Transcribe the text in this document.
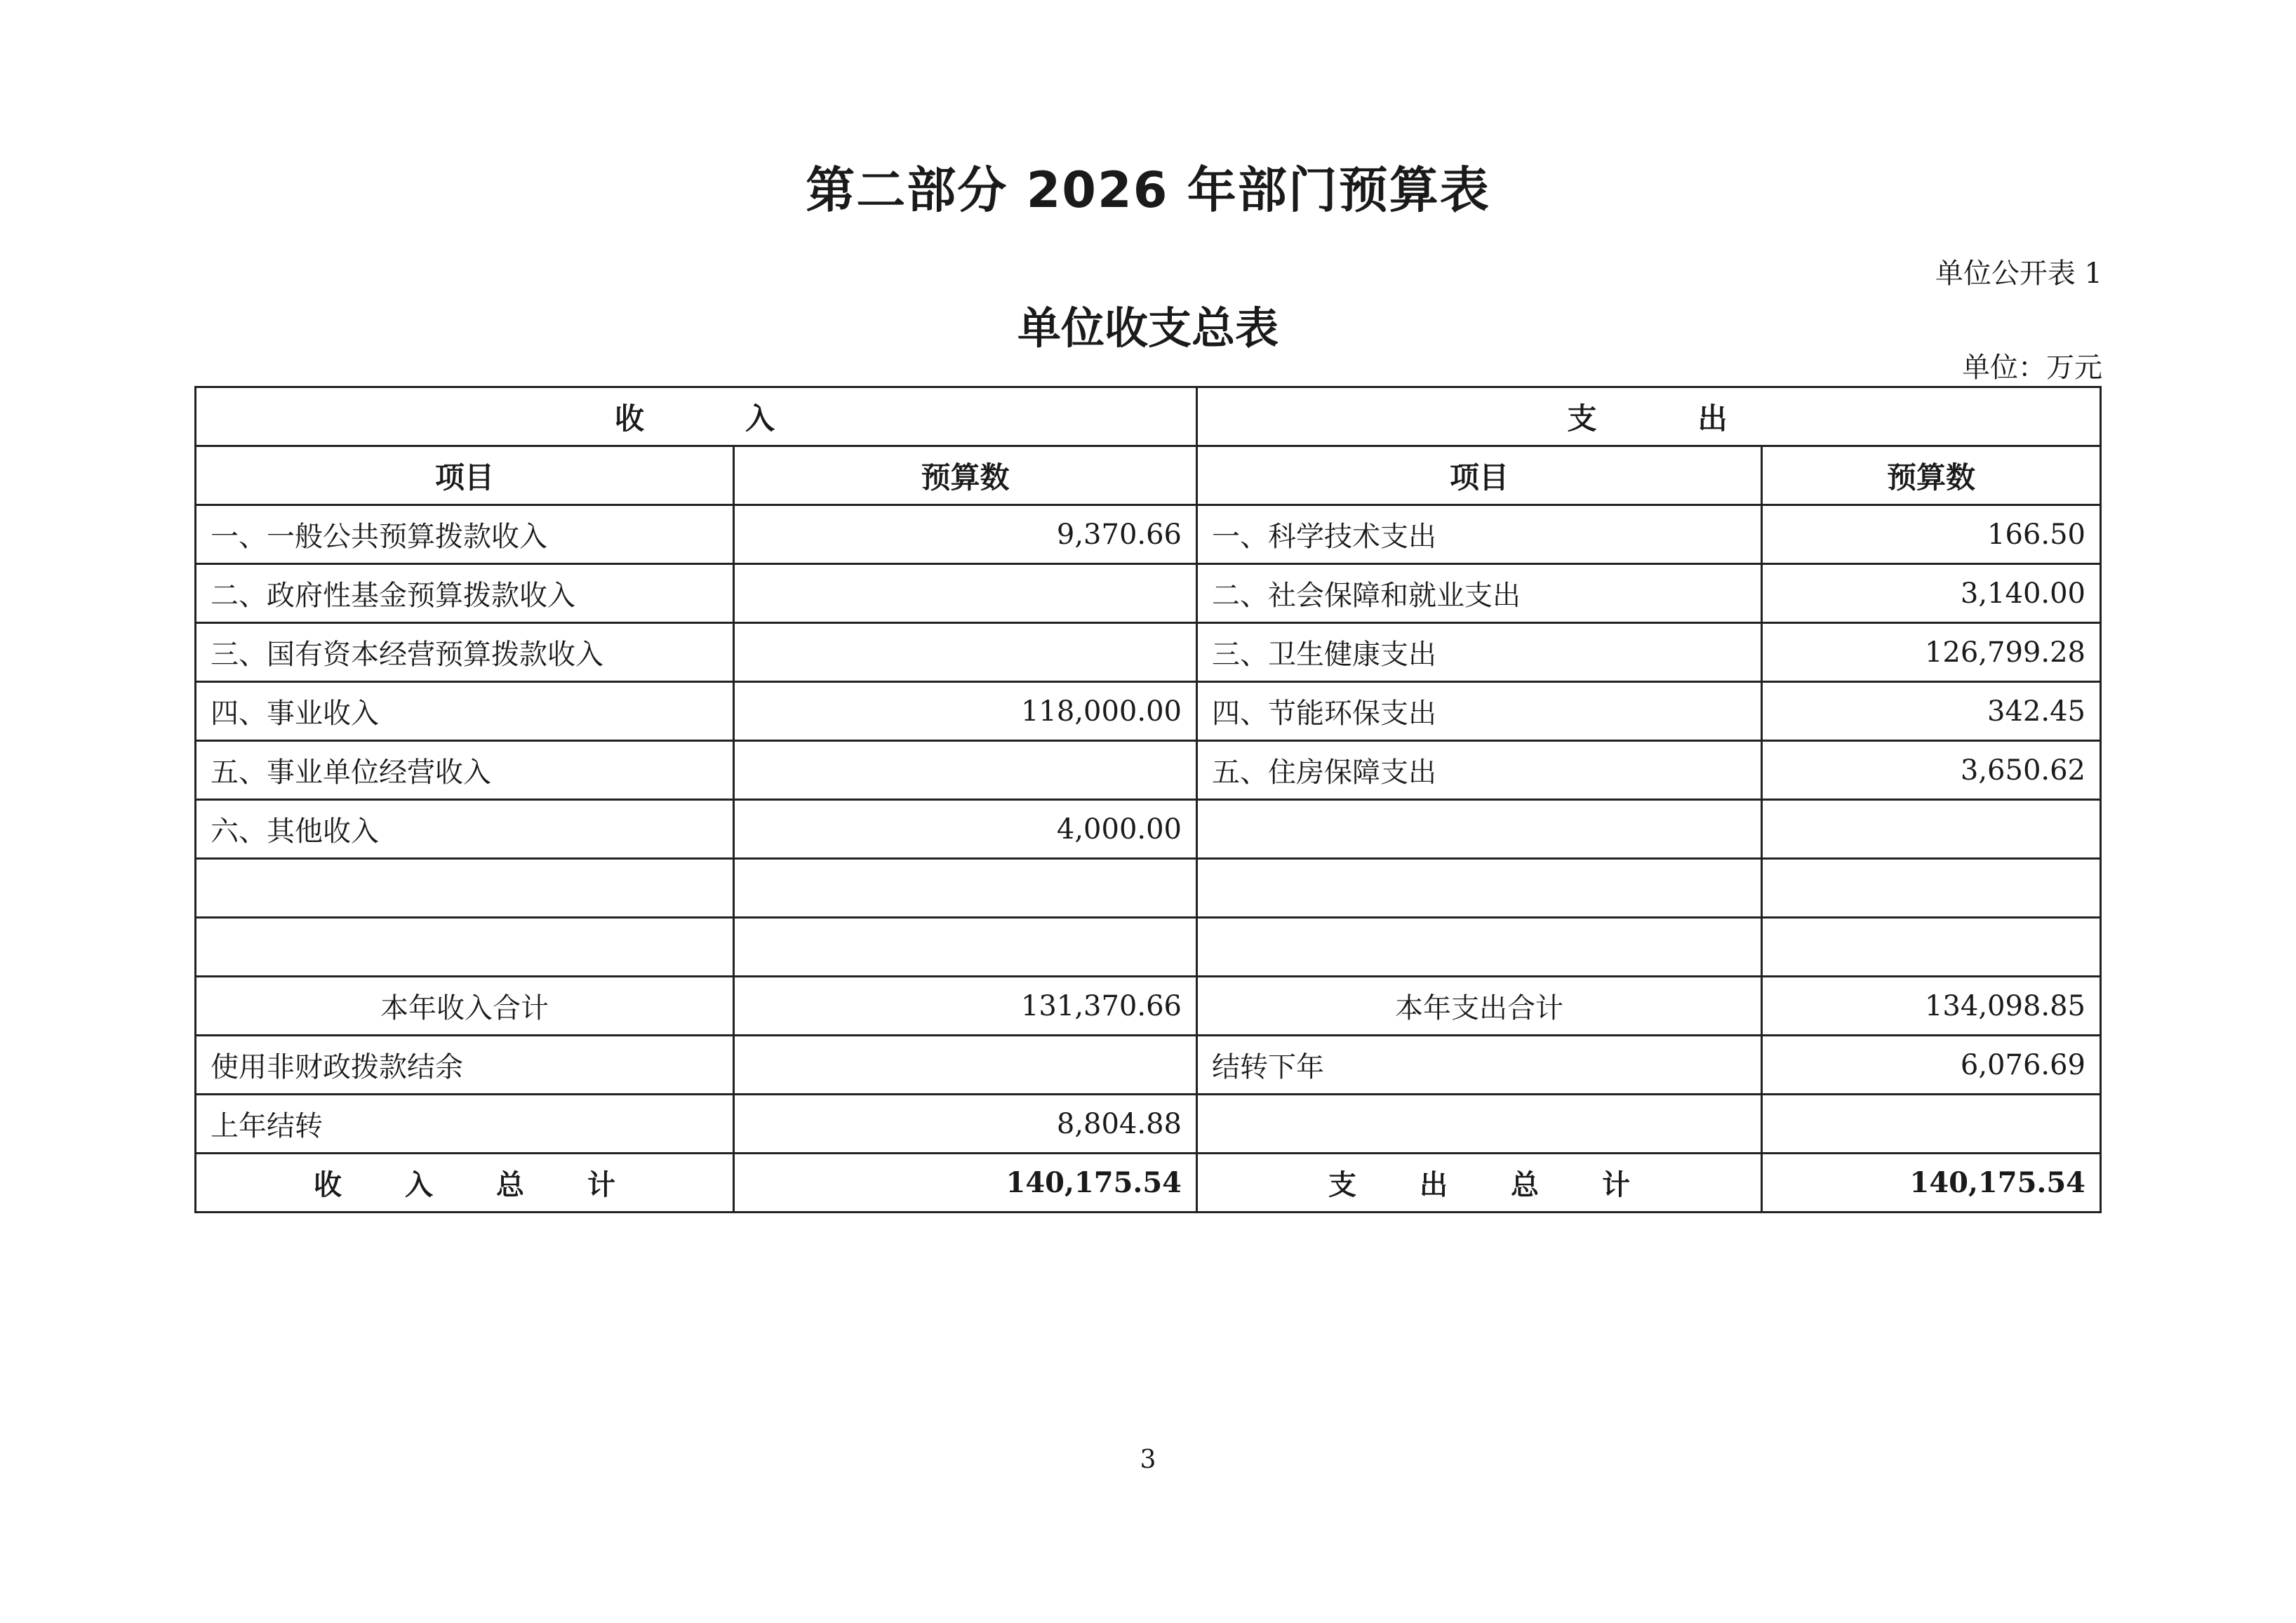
第二部分 2026 年部门预算表
单位公开表 1
单位收支总表
单位：万元
收 入		支 出	
项目	预算数	项目	预算数
一、一般公共预算拨款收入	9,370.66	一、科学技术支出	166.50
二、政府性基金预算拨款收入		二、社会保障和就业支出	3,140.00
三、国有资本经营预算拨款收入		三、卫生健康支出	126,799.28
四、事业收入	118,000.00	四、节能环保支出	342.45
五、事业单位经营收入		五、住房保障支出	3,650.62
六、其他收入	4,000.00		

本年收入合计	131,370.66	本年支出合计	134,098.85
使用非财政拨款结余		结转下年	6,076.69
上年结转	8,804.88		
收 入 总 计	140,175.54	支 出 总 计	140,175.54
3
